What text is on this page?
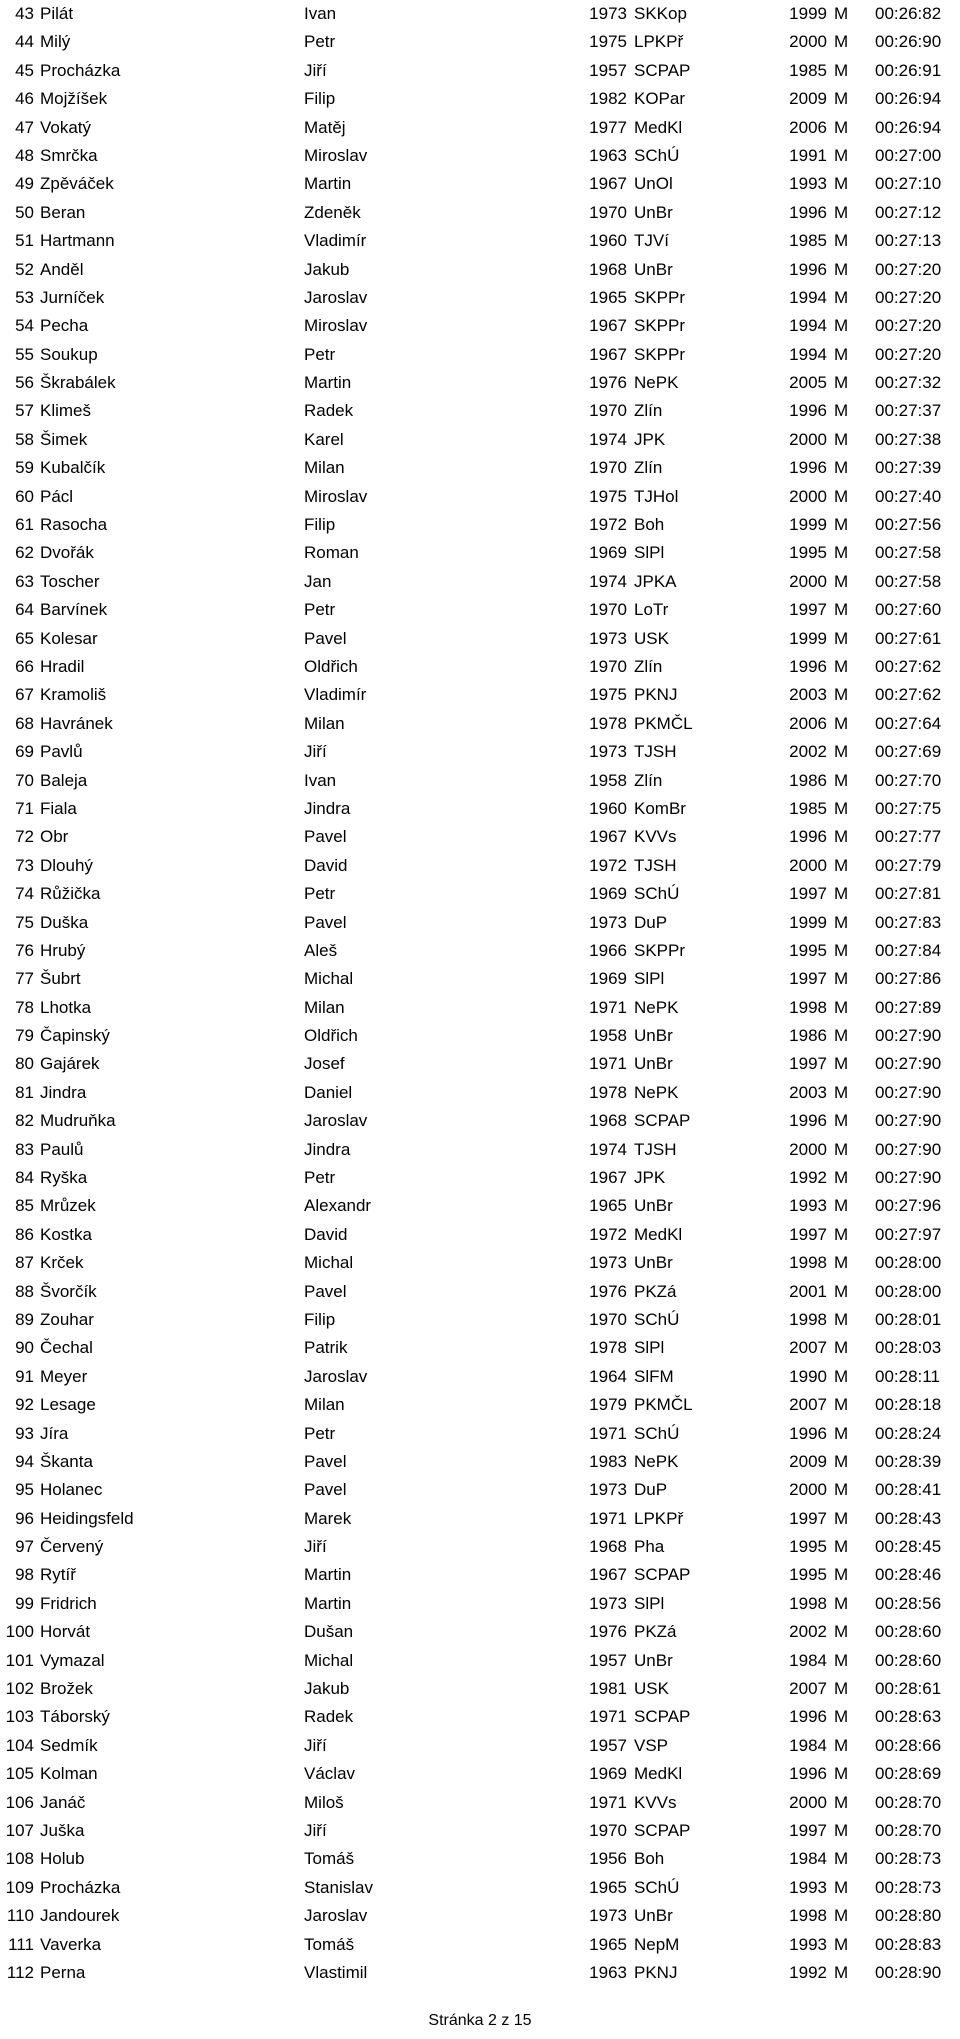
43 Pilát	Ivan	1973 SKKop	1999 M 00:26:82
44 Milý	Petr	1975 LPKPř	2000 M 00:26:90
45 Procházka	Jiří	1957 SCPAP	1985 M 00:26:91
46 Mojžíšek	Filip	1982 KOPar	2009 M 00:26:94
47 Vokatý	Matěj	1977 MedKl	2006 M 00:26:94
48 Smrčka	Miroslav	1963 SChÚ	1991 M 00:27:00
49 Zpěváček	Martin	1967 UnOl	1993 M 00:27:10
50 Beran	Zdeněk	1970 UnBr	1996 M 00:27:12
51 Hartmann	Vladimír	1960 TJVí	1985 M 00:27:13
52 Anděl	Jakub	1968 UnBr	1996 M 00:27:20
53 Jurníček	Jaroslav	1965 SKPPr	1994 M 00:27:20
54 Pecha	Miroslav	1967 SKPPr	1994 M 00:27:20
55 Soukup	Petr	1967 SKPPr	1994 M 00:27:20
56 Škrabálek	Martin	1976 NePK	2005 M 00:27:32
57 Klimeš	Radek	1970 Zlín	1996 M 00:27:37
58 Šimek	Karel	1974 JPK	2000 M 00:27:38
59 Kubalčík	Milan	1970 Zlín	1996 M 00:27:39
60 Pácl	Miroslav	1975 TJHol	2000 M 00:27:40
61 Rasocha	Filip	1972 Boh	1999 M 00:27:56
62 Dvořák	Roman	1969 SlPl	1995 M 00:27:58
63 Toscher	Jan	1974 JPKA	2000 M 00:27:58
64 Barvínek	Petr	1970 LoTr	1997 M 00:27:60
65 Kolesar	Pavel	1973 USK	1999 M 00:27:61
66 Hradil	Oldřich	1970 Zlín	1996 M 00:27:62
67 Kramoliš	Vladimír	1975 PKNJ	2003 M 00:27:62
68 Havránek	Milan	1978 PKMČL	2006 M 00:27:64
69 Pavlů	Jiří	1973 TJSH	2002 M 00:27:69
70 Baleja	Ivan	1958 Zlín	1986 M 00:27:70
71 Fiala	Jindra	1960 KomBr	1985 M 00:27:75
72 Obr	Pavel	1967 KVVs	1996 M 00:27:77
73 Dlouhý	David	1972 TJSH	2000 M 00:27:79
74 Růžička	Petr	1969 SChÚ	1997 M 00:27:81
75 Duška	Pavel	1973 DuP	1999 M 00:27:83
76 Hrubý	Aleš	1966 SKPPr	1995 M 00:27:84
77 Šubrt	Michal	1969 SlPl	1997 M 00:27:86
78 Lhotka	Milan	1971 NePK	1998 M 00:27:89
79 Čapinský	Oldřich	1958 UnBr	1986 M 00:27:90
80 Gajárek	Josef	1971 UnBr	1997 M 00:27:90
81 Jindra	Daniel	1978 NePK	2003 M 00:27:90
82 Mudruňka	Jaroslav	1968 SCPAP	1996 M 00:27:90
83 Paulů	Jindra	1974 TJSH	2000 M 00:27:90
84 Ryška	Petr	1967 JPK	1992 M 00:27:90
85 Mrůzek	Alexandr	1965 UnBr	1993 M 00:27:96
86 Kostka	David	1972 MedKl	1997 M 00:27:97
87 Krček	Michal	1973 UnBr	1998 M 00:28:00
88 Švorčík	Pavel	1976 PKZá	2001 M 00:28:00
89 Zouhar	Filip	1970 SChÚ	1998 M 00:28:01
90 Čechal	Patrik	1978 SlPl	2007 M 00:28:03
91 Meyer	Jaroslav	1964 SlFM	1990 M 00:28:11
92 Lesage	Milan	1979 PKMČL	2007 M 00:28:18
93 Jíra	Petr	1971 SChÚ	1996 M 00:28:24
94 Škanta	Pavel	1983 NePK	2009 M 00:28:39
95 Holanec	Pavel	1973 DuP	2000 M 00:28:41
96 Heidingsfeld	Marek	1971 LPKPř	1997 M 00:28:43
97 Červený	Jiří	1968 Pha	1995 M 00:28:45
98 Rytíř	Martin	1967 SCPAP	1995 M 00:28:46
99 Fridrich	Martin	1973 SlPl	1998 M 00:28:56
100 Horvát	Dušan	1976 PKZá	2002 M 00:28:60
101 Vymazal	Michal	1957 UnBr	1984 M 00:28:60
102 Brožek	Jakub	1981 USK	2007 M 00:28:61
103 Táborský	Radek	1971 SCPAP	1996 M 00:28:63
104 Sedmík	Jiří	1957 VSP	1984 M 00:28:66
105 Kolman	Václav	1969 MedKl	1996 M 00:28:69
106 Janáč	Miloš	1971 KVVs	2000 M 00:28:70
107 Juška	Jiří	1970 SCPAP	1997 M 00:28:70
108 Holub	Tomáš	1956 Boh	1984 M 00:28:73
109 Procházka	Stanislav	1965 SChÚ	1993 M 00:28:73
110 Jandourek	Jaroslav	1973 UnBr	1998 M 00:28:80
111 Vaverka	Tomáš	1965 NepM	1993 M 00:28:83
112 Perna	Vlastimil	1963 PKNJ	1992 M 00:28:90
Stránka 2 z 15
